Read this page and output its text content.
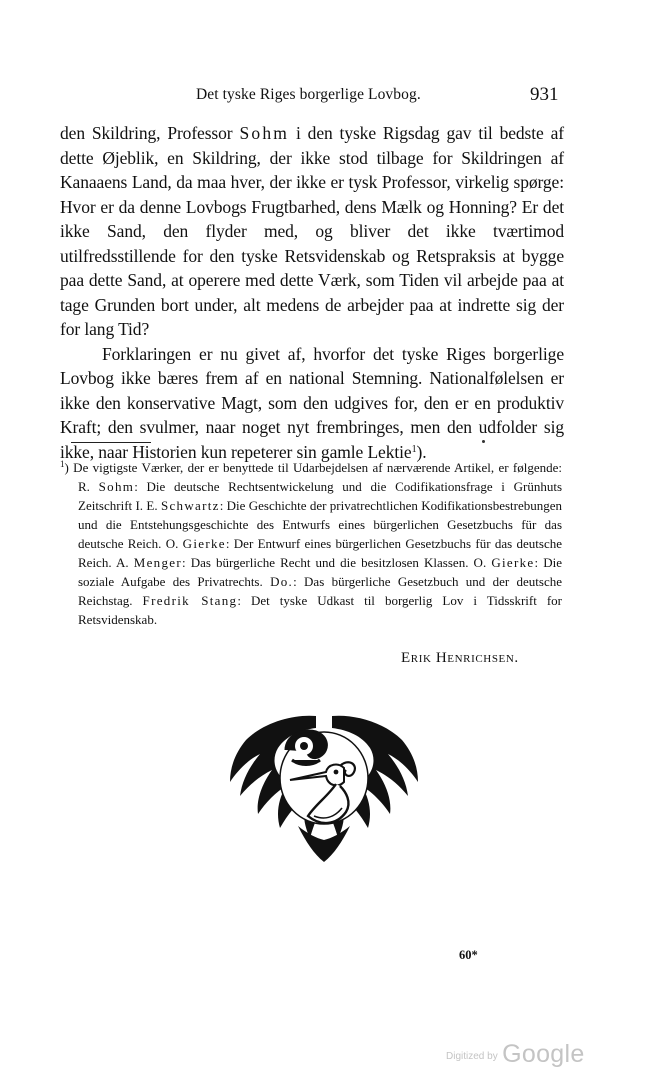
Det tyske Riges borgerlige Lovbog.	931

den Skildring, Professor Sohm i den tyske Rigsdag gav til bedste af dette Øjeblik, en Skildring, der ikke stod tilbage for Skildringen af Kanaaens Land, da maa hver, der ikke er tysk Professor, virkelig spørge: Hvor er da denne Lovbogs Frugtbarhed, dens Mælk og Honning? Er det ikke Sand, den flyder med, og bliver det ikke tværtimod utilfredsstillende for den tyske Retsvidenskab og Retspraksis at bygge paa dette Sand, at operere med dette Værk, som Tiden vil arbejde paa at tage Grunden bort under, alt medens de arbejder paa at indrette sig der for lang Tid?

Forklaringen er nu givet af, hvorfor det tyske Riges borgerlige Lovbog ikke bæres frem af en national Stemning. Nationalfølelsen er ikke den konservative Magt, som den udgives for, den er en produktiv Kraft; den svulmer, naar noget nyt frembringes, men den udfolder sig ikke, naar Historien kun repeterer sin gamle Lektie$^1$).

$^1$) De vigtigste Værker, der er benyttede til Udarbejdelsen af nærværende Artikel, er følgende: R. Sohm: Die deutsche Rechtsentwickelung und die Codifikationsfrage i Grünhuts Zeitschrift I. E. Schwartz: Die Geschichte der privatrechtlichen Kodifikationsbestrebungen und die Entstehungsgeschichte des Entwurfs eines bürgerlichen Gesetzbuchs für das deutsche Reich. O. Gierke: Der Entwurf eines bürgerlichen Gesetzbuchs für das deutsche Reich. A. Menger: Das bürgerliche Recht und die besitzlosen Klassen. O. Gierke: Die soziale Aufgabe des Privatrechts. Do.: Das bürgerliche Gesetzbuch und der deutsche Reichstag. Fredrik Stang: Det tyske Udkast til borgerlig Lov i Tidsskrift for Retsvidenskab.
Erik Henrichsen.
60*
Digitized by Google
